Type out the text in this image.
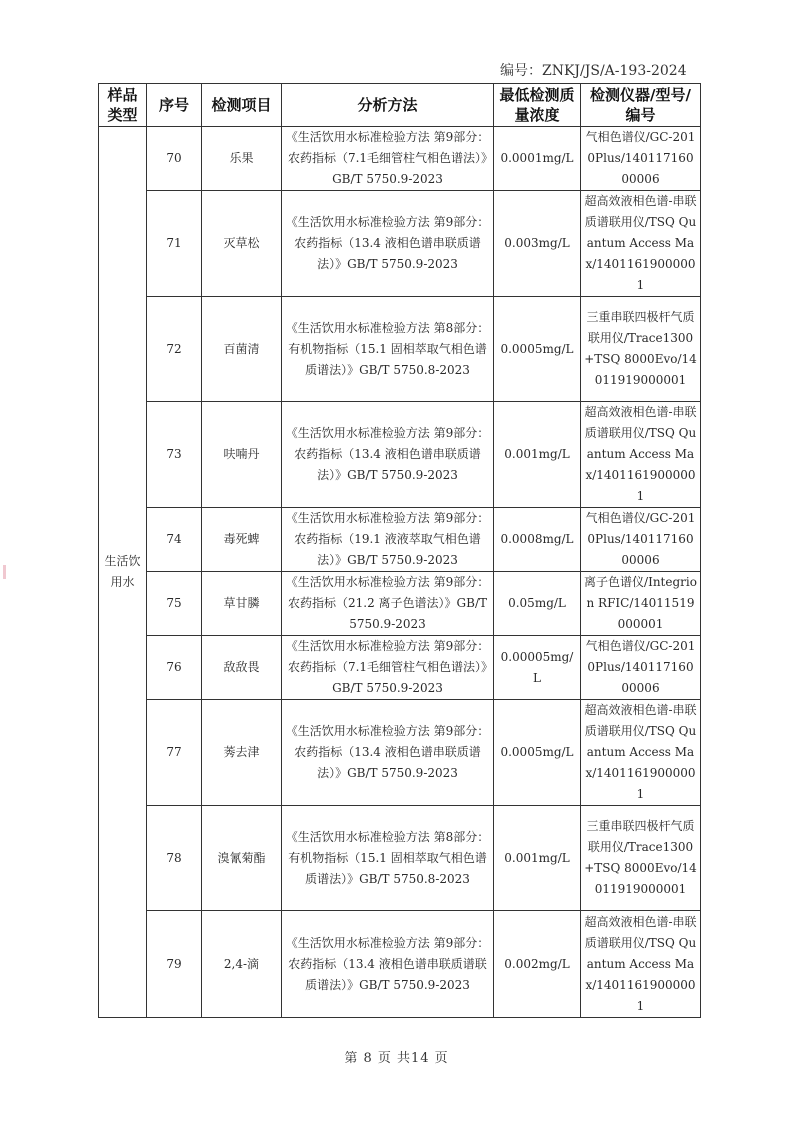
编号：ZNKJ/JS/A-193-2024
样品类型	序号	检测项目	分析方法	最低检测质量浓度	检测仪器/型号/编号
生活饮用水	70	乐果	《生活饮用水标准检验方法 第9部分：农药指标（7.1毛细管柱气相色谱法）》GB/T 5750.9-2023	0.0001mg/L	气相色谱仪/GC-2010Plus/14011716000006
	71	灭草松	《生活饮用水标准检验方法 第9部分：农药指标（13.4 液相色谱串联质谱法）》GB/T 5750.9-2023	0.003mg/L	超高效液相色谱-串联质谱联用仪/TSQ Quantum Access Max/14011619000001
	72	百菌清	《生活饮用水标准检验方法 第8部分：有机物指标（15.1 固相萃取气相色谱质谱法）》GB/T 5750.8-2023	0.0005mg/L	三重串联四极杆气质联用仪/Trace1300+TSQ 8000Evo/14011919000001
	73	呋喃丹	《生活饮用水标准检验方法 第9部分：农药指标（13.4 液相色谱串联质谱法）》GB/T 5750.9-2023	0.001mg/L	超高效液相色谱-串联质谱联用仪/TSQ Quantum Access Max/14011619000001
	74	毒死蜱	《生活饮用水标准检验方法 第9部分：农药指标（19.1 液液萃取气相色谱法）》GB/T 5750.9-2023	0.0008mg/L	气相色谱仪/GC-2010Plus/14011716000006
	75	草甘膦	《生活饮用水标准检验方法 第9部分：农药指标（21.2 离子色谱法）》GB/T 5750.9-2023	0.05mg/L	离子色谱仪/Integrion RFIC/14011519000001
	76	敌敌畏	《生活饮用水标准检验方法 第9部分：农药指标（7.1毛细管柱气相色谱法）》GB/T 5750.9-2023	0.00005mg/L	气相色谱仪/GC-2010Plus/14011716000006
	77	莠去津	《生活饮用水标准检验方法 第9部分：农药指标（13.4 液相色谱串联质谱法）》GB/T 5750.9-2023	0.0005mg/L	超高效液相色谱-串联质谱联用仪/TSQ Quantum Access Max/14011619000001
	78	溴氰菊酯	《生活饮用水标准检验方法 第8部分：有机物指标（15.1 固相萃取气相色谱质谱法）》GB/T 5750.8-2023	0.001mg/L	三重串联四极杆气质联用仪/Trace1300+TSQ 8000Evo/14011919000001
	79	2,4-滴	《生活饮用水标准检验方法 第9部分：农药指标（13.4 液相色谱串联质谱联质谱法）》GB/T 5750.9-2023	0.002mg/L	超高效液相色谱-串联质谱联用仪/TSQ Quantum Access Max/14011619000001
第 8 页 共14 页
